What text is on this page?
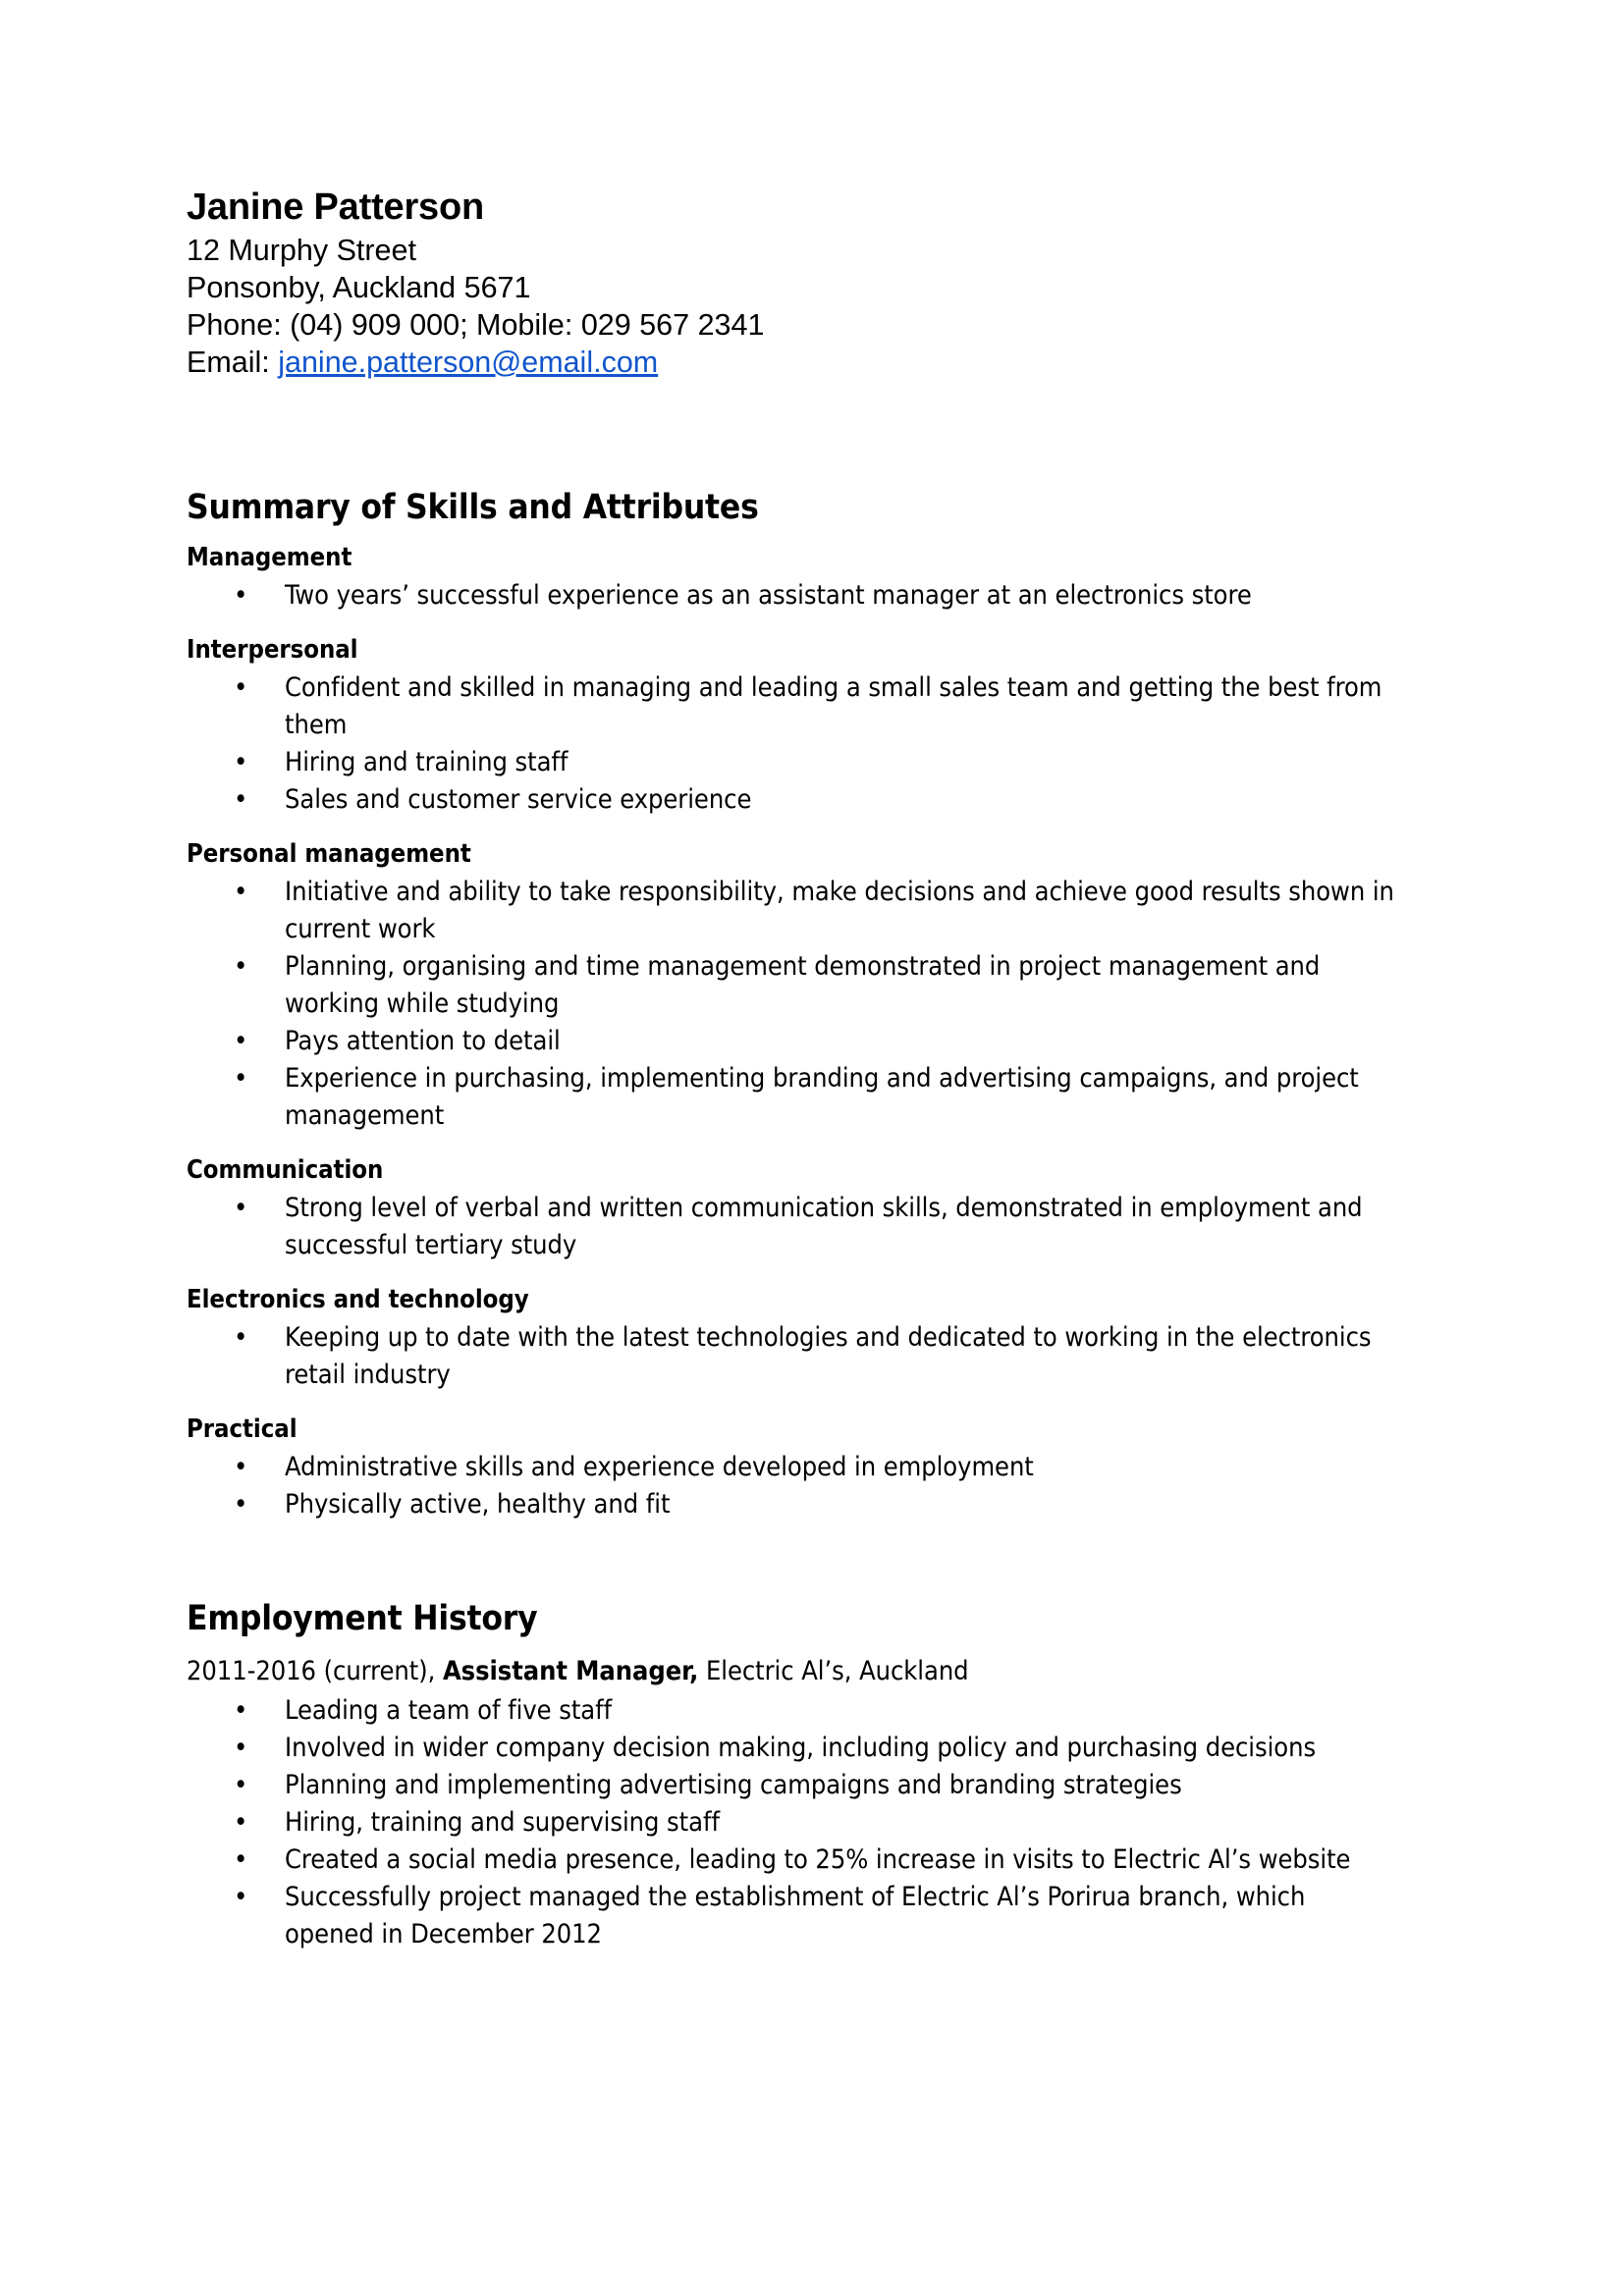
Janine Patterson
12 Murphy Street
Ponsonby, Auckland 5671
Phone: (04) 909 000; Mobile: 029 567 2341
Email: janine.patterson@email.com
Summary of Skills and Attributes
Management
• Two years’ successful experience as an assistant manager at an electronics store
Interpersonal
• Confident and skilled in managing and leading a small sales team and getting the best from them
• Hiring and training staff
• Sales and customer service experience
Personal management
• Initiative and ability to take responsibility, make decisions and achieve good results shown in current work
• Planning, organising and time management demonstrated in project management and working while studying
• Pays attention to detail
• Experience in purchasing, implementing branding and advertising campaigns, and project management
Communication
• Strong level of verbal and written communication skills, demonstrated in employment and successful tertiary study
Electronics and technology
• Keeping up to date with the latest technologies and dedicated to working in the electronics retail industry
Practical
• Administrative skills and experience developed in employment
• Physically active, healthy and fit
Employment History
2011-2016 (current), Assistant Manager, Electric Al’s, Auckland
• Leading a team of five staff
• Involved in wider company decision making, including policy and purchasing decisions
• Planning and implementing advertising campaigns and branding strategies
• Hiring, training and supervising staff
• Created a social media presence, leading to 25% increase in visits to Electric Al’s website
• Successfully project managed the establishment of Electric Al’s Porirua branch, which opened in December 2012
